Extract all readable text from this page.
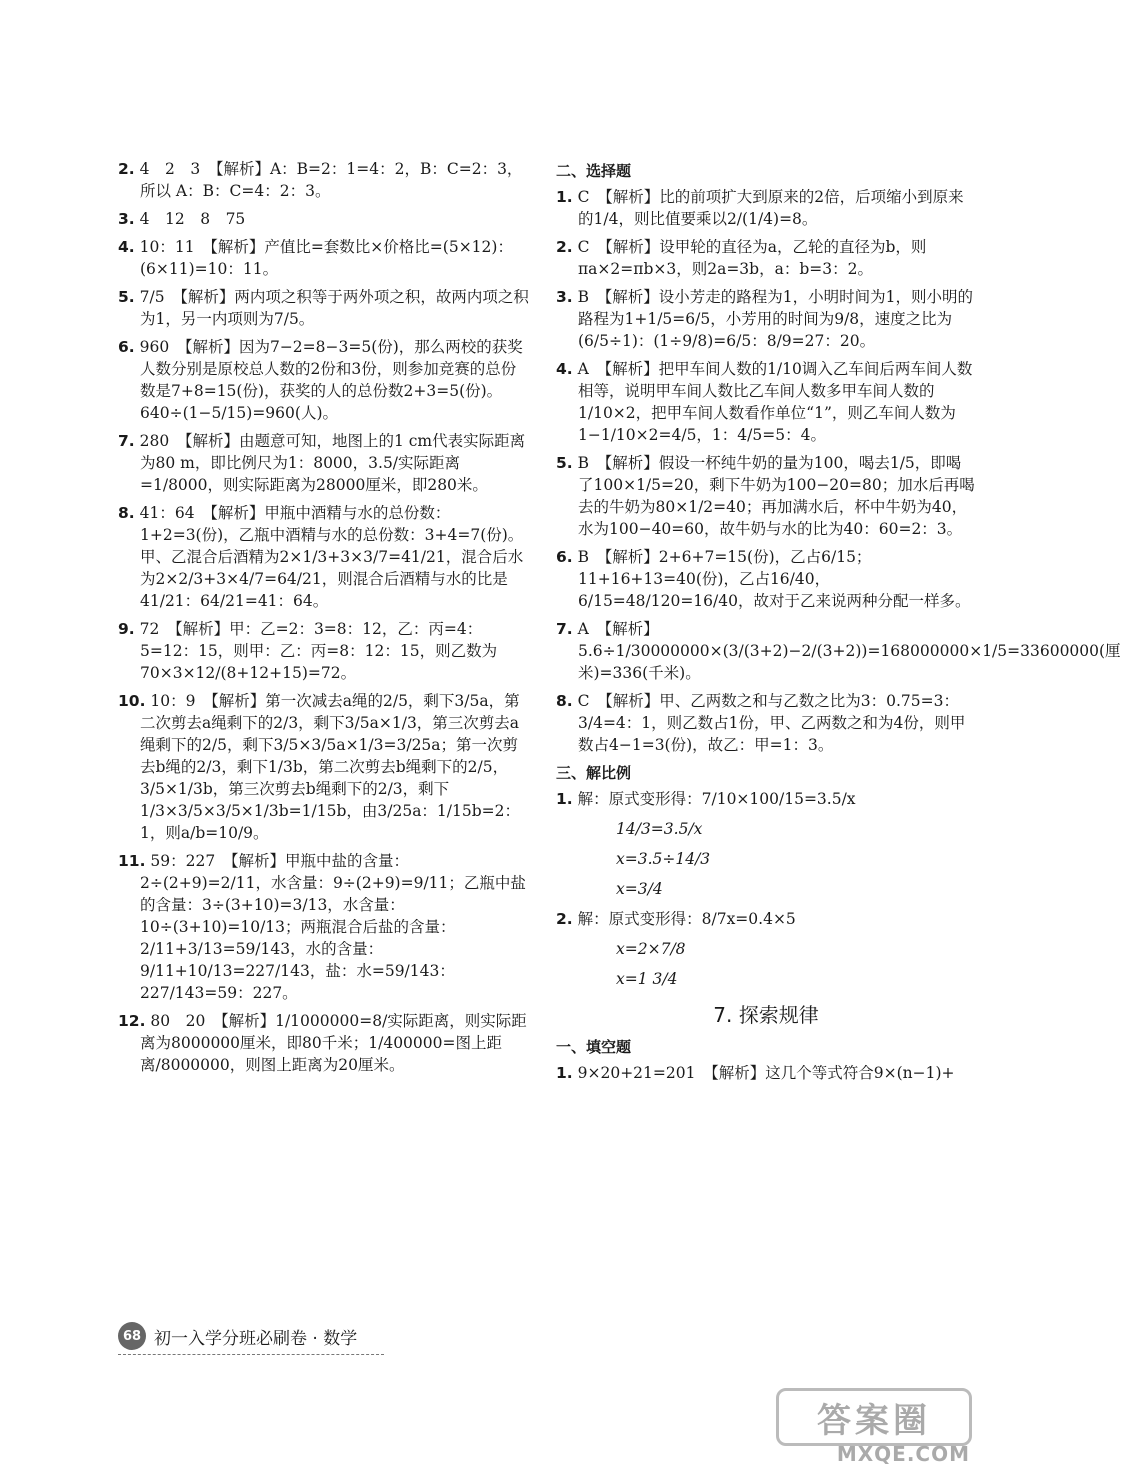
2. 4　2　3　【解析】A：B=2：1=4：2，B：C=2：3，所以 A：B：C=4：2：3。
3. 4　12　8　75
4. 10：11　【解析】产值比=套数比×价格比=(5×12)：(6×11)=10：11。
5. 7/5　【解析】两内项之积等于两外项之积，故两内项之积为1，另一内项则为7/5。
6. 960　【解析】因为7−2=8−3=5(份)，那么两校的获奖人数分别是原校总人数的2份和3份，则参加竞赛的总份数是7+8=15(份)，获奖的人的总份数2+3=5(份)。640÷(1−5/15)=960(人)。
7. 280　【解析】由题意可知，地图上的1 cm代表实际距离为80 m，即比例尺为1：8000，3.5/实际距离=1/8000，则实际距离为28000厘米，即280米。
8. 41：64　【解析】甲瓶中酒精与水的总份数：1+2=3(份)，乙瓶中酒精与水的总份数：3+4=7(份)。甲、乙混合后酒精为2×1/3+3×3/7=41/21，混合后水为2×2/3+3×4/7=64/21，则混合后酒精与水的比是41/21：64/21=41：64。
9. 72　【解析】甲：乙=2：3=8：12，乙：丙=4：5=12：15，则甲：乙：丙=8：12：15，则乙数为70×3×12/(8+12+15)=72。
10. 10：9　【解析】第一次减去a绳的2/5，剩下3/5a，第二次剪去a绳剩下的2/3，剩下3/5a×1/3，第三次剪去a绳剩下的2/5，剩下3/5×3/5a×1/3=3/25a；第一次剪去b绳的2/3，剩下1/3b，第二次剪去b绳剩下的2/5，3/5×1/3b，第三次剪去b绳剩下的2/3，剩下1/3×3/5×3/5×1/3b=1/15b，由3/25a：1/15b=2：1，则a/b=10/9。
11. 59：227　【解析】甲瓶中盐的含量：2÷(2+9)=2/11，水含量：9÷(2+9)=9/11；乙瓶中盐的含量：3÷(3+10)=3/13，水含量：10÷(3+10)=10/13；两瓶混合后盐的含量：2/11+3/13=59/143，水的含量：9/11+10/13=227/143，盐：水=59/143：227/143=59：227。
12. 80　20　【解析】1/1000000=8/实际距离，则实际距离为8000000厘米，即80千米；1/400000=图上距离/8000000，则图上距离为20厘米。
二、选择题
1. C　【解析】比的前项扩大到原来的2倍，后项缩小到原来的1/4，则比值要乘以2/(1/4)=8。
2. C　【解析】设甲轮的直径为a，乙轮的直径为b，则πa×2=πb×3，则2a=3b，a：b=3：2。
3. B　【解析】设小芳走的路程为1，小明时间为1，则小明的路程为1+1/5=6/5，小芳用的时间为9/8，速度之比为(6/5÷1)：(1÷9/8)=6/5：8/9=27：20。
4. A　【解析】把甲车间人数的1/10调入乙车间后两车间人数相等，说明甲车间人数比乙车间人数多甲车间人数的1/10×2，把甲车间人数看作单位“1”，则乙车间人数为1−1/10×2=4/5，1：4/5=5：4。
5. B　【解析】假设一杯纯牛奶的量为100，喝去1/5，即喝了100×1/5=20，剩下牛奶为100−20=80；加水后再喝去的牛奶为80×1/2=40；再加满水后，杯中牛奶为40，水为100−40=60，故牛奶与水的比为40：60=2：3。
6. B　【解析】2+6+7=15(份)，乙占6/15；11+16+13=40(份)，乙占16/40，6/15=48/120=16/40，故对于乙来说两种分配一样多。
7. A　【解析】5.6÷1/30000000×(3/(3+2)−2/(3+2))=168000000×1/5=33600000(厘米)=336(千米)。
8. C　【解析】甲、乙两数之和与乙数之比为3：0.75=3：3/4=4：1，则乙数占1份，甲、乙两数之和为4份，则甲数占4−1=3(份)，故乙：甲=1：3。
三、解比例
1. 解：原式变形得：7/10×100/15=3.5/x
14/3=3.5/x
x=3.5÷14/3
x=3/4
2. 解：原式变形得：8/7x=0.4×5
x=2×7/8
x=1 3/4
7. 探索规律
一、填空题
1. 9×20+21=201　【解析】这几个等式符合9×(n−1)+
68 初一入学分班必刷卷 · 数学
答案圈
MXQE.COM
